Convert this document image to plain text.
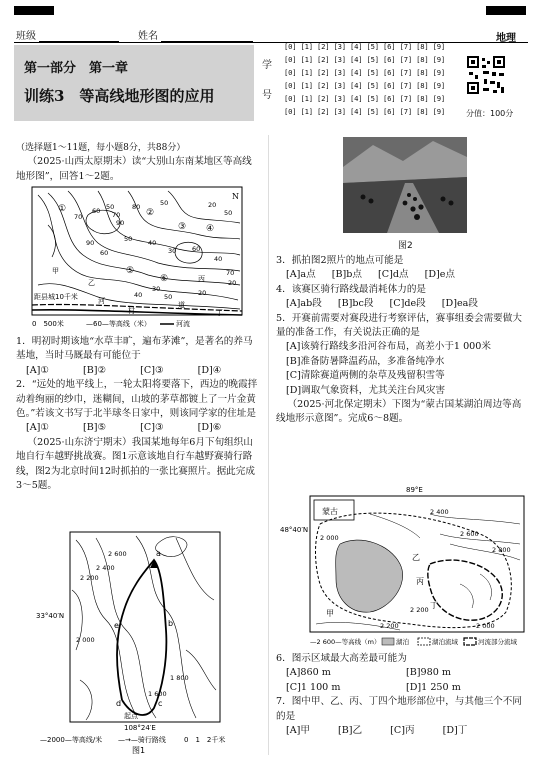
班级	姓名	地理
第一部分　第一章
训练3　等高线地形图的应用
学
号
[0] [1] [2] [3] [4] [5] [6] [7] [8] [9]
[0] [1] [2] [3] [4] [5] [6] [7] [8] [9]
[0] [1] [2] [3] [4] [5] [6] [7] [8] [9]
[0] [1] [2] [3] [4] [5] [6] [7] [8] [9]
[0] [1] [2] [3] [4] [5] [6] [7] [8] [9]
[0] [1] [2] [3] [4] [5] [6] [7] [8] [9]	分值：100分

（选择题1～11题，每小题8分，共88分）

（2025·山西太原期末）读“大别山东南某地区等高线地形图”，回答1～2题。

N
①	②
③ ④
⑤
⑥
70
60 50
70
90
80	50	20
50
90
60
50 40
30 60
40
70
20
40	50
30	20
距县城10千米	河
村
道
丁
甲
乙	丙
0　500米	—60—等高线（米）	河流

1．明初时期该地“水草丰旷，遍布茅滩”，是著名的养马基地，当时马厩最有可能位于

[A]①	[B]②	[C]③	[D]④

2．“远处的地平线上，一轮太阳将要落下，西边的晚霞拌动着绚丽的纱巾，迷糊间，山坡的茅草都镀上了一片金黄色。”若该文书写于北半球冬日家中，则该同学家的住址是

[A]①	[B]⑤	[C]③	[D]⑥

（2025·山东济宁期末）我国某地每年6月下旬组织山地自行车越野挑战赛。图1示意该地自行车越野赛骑行路线，图2为北京时间12时抓拍的一张比赛照片。据此完成3～5题。

2 600
2 400
2 200
2 000
1 800
1 600
a
b
c
d
e
33°40′N
起点
108°24′E
—2000—等高线/米 —→—骑行路线	0　1　2千米
图1
图2

3．抓拍图2照片的地点可能是

[A]a点 [B]b点 [C]d点 [D]e点

4．该赛区骑行路线最消耗体力的是

[A]ab段 [B]bc段 [C]de段 [D]ea段

5．开赛前需要对赛段进行考察评估，赛事组委会需要做大量的准备工作，有关说法正确的是

[A]该骑行路线多沿河谷布局，高差小于1 000米

[B]准备防暑降温药品，多准备纯净水

[C]清除赛道两侧的杂草及残留积雪等

[D]调取气象资料，尤其关注台风灾害

（2025·河北保定期末）下图为“蒙古国某湖泊周边等高线地形示意图”。完成6～8题。

89°E
48°40′N
蒙古	2 400
2 600
2 800
2 000
2 200
2 000
2 200
乙
丙
甲
丁
—2 600—等高线（m） 湖泊	湖泊流域	河流部分流域

6．图示区域最大高差最可能为

[A]860 m	[B]980 m

[C]1 100 m	[D]1 250 m

7．图中甲、乙、丙、丁四个地形部位中，与其他三个不同的是

[A]甲	[B]乙	[C]丙	[D]丁
